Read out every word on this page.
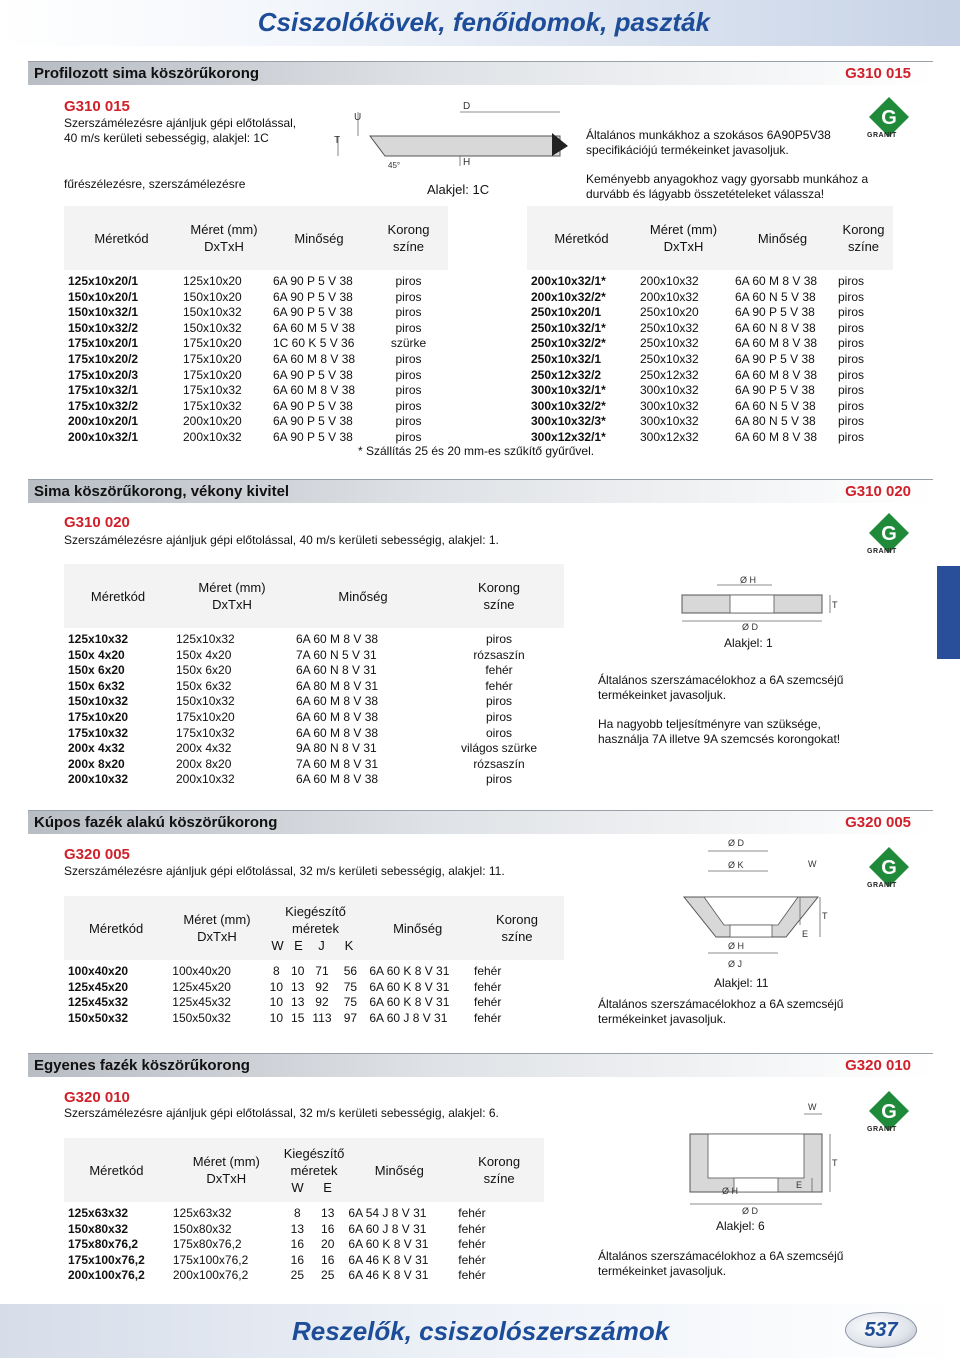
Csiszolókövek, fenőidomok, paszták
Profilozott sima köszörűkorong	G310 015
G310 015
Szerszámélezésre ajánljuk gépi előtolással,
40 m/s kerületi sebességig, alakjel: 1C
fűrészélezésre, szerszámélezésre
T
U
D
H
45°
Alakjel: 1C
Általános munkákhoz a szokásos 6A90P5V38
specifikációjú termékeinket javasoljuk.
Keményebb anyagokhoz vagy gyorsabb munkához a
durvább és lágyabb összetételeket válassza!
G
GRANIT
Méretkód	Méret (mm)
DxTxH	Minőség	Korong
színe
125x10x20/1	125x10x20	6A 90 P 5 V 38	piros
150x10x20/1	150x10x20	6A 90 P 5 V 38	piros
150x10x32/1	150x10x32	6A 90 P 5 V 38	piros
150x10x32/2	150x10x32	6A 60 M 5 V 38	piros
175x10x20/1	175x10x20	1C 60 K 5 V 36	szürke
175x10x20/2	175x10x20	6A 60 M 8 V 38	piros
175x10x20/3	175x10x20	6A 90 P 5 V 38	piros
175x10x32/1	175x10x32	6A 60 M 8 V 38	piros
175x10x32/2	175x10x32	6A 90 P 5 V 38	piros
200x10x20/1	200x10x20	6A 90 P 5 V 38	piros
200x10x32/1	200x10x32	6A 90 P 5 V 38	piros
Méretkód	Méret (mm)
DxTxH	Minőség	Korong
színe
200x10x32/1*	200x10x32	6A 60 M 8 V 38	piros
200x10x32/2*	200x10x32	6A 60 N 5 V 38	piros
250x10x20/1	250x10x20	6A 90 P 5 V 38	piros
250x10x32/1*	250x10x32	6A 60 N 8 V 38	piros
250x10x32/2*	250x10x32	6A 60 M 8 V 38	piros
250x10x32/1	250x10x32	6A 90 P 5 V 38	piros
250x12x32/2	250x12x32	6A 60 M 8 V 38	piros
300x10x32/1*	300x10x32	6A 90 P 5 V 38	piros
300x10x32/2*	300x10x32	6A 60 N 5 V 38	piros
300x10x32/3*	300x10x32	6A 80 N 5 V 38	piros
300x12x32/1*	300x12x32	6A 60 M 8 V 38	piros
* Szállítás 25 és 20 mm-es szűkítő gyűrűvel.
Sima köszörűkorong, vékony kivitel	G310 020
G310 020
Szerszámélezésre ajánljuk gépi előtolással, 40 m/s kerületi sebességig, alakjel: 1.	G
GRANIT
Méretkód	Méret (mm)
DxTxH	Minőség	Korong
színe
125x10x32	125x10x32	6A 60 M 8 V 38	piros
150x 4x20	150x 4x20	7A 60 N 5 V 31	rózsaszín
150x 6x20	150x 6x20	6A 60 N 8 V 31	fehér
150x 6x32	150x 6x32	6A 80 M 8 V 31	fehér
150x10x32	150x10x32	6A 60 M 8 V 38	piros
175x10x20	175x10x20	6A 60 M 8 V 38	piros
175x10x32	175x10x32	6A 60 M 8 V 38	oiros
200x 4x32	200x 4x32	9A 80 N 8 V 31	világos szürke
200x 8x20	200x 8x20	7A 60 M 8 V 31	rózsaszín
200x10x32	200x10x32	6A 60 M 8 V 38	piros
Ø H
Ø D
T
Alakjel: 1
Általános szerszámacélokhoz a 6A szemcséjű
termékeinket javasoljuk.
Ha nagyobb teljesítményre van szüksége,
használja 7A illetve 9A szemcsés korongokat!
Kúpos fazék alakú köszörűkorong	G320 005
G320 005
Szerszámélezésre ajánljuk gépi előtolással, 32 m/s kerületi sebességig, alakjel: 11.	G
GRANIT
Méretkód	Méret (mm)
DxTxH	Kiegészítő
méretek
W E J K				Minőség	Korong
színe
100x40x20	100x40x20	8	10	71	56	6A 60 K 8 V 31	fehér
125x45x20	125x45x20	10	13	92	75	6A 60 K 8 V 31	fehér
125x45x32	125x45x32	10	13	92	75	6A 60 K 8 V 31	fehér
150x50x32	150x50x32	10	15	113	97	6A 60 J 8 V 31	fehér
Ø D
Ø K	W
T
E
Ø H
Ø J
Alakjel: 11
Általános szerszámacélokhoz a 6A szemcséjű
termékeinket javasoljuk.
Egyenes fazék köszörűkorong	G320 010
G320 010
Szerszámélezésre ajánljuk gépi előtolással, 32 m/s kerületi sebességig, alakjel: 6.	G
GRANIT
Méretkód	Méret (mm)
DxTxH	Kiegészítő
méretek
W E		Minőség	Korong
színe
125x63x32	125x63x32	8	13	6A 54 J 8 V 31	fehér
150x80x32	150x80x32	13	16	6A 60 J 8 V 31	fehér
175x80x76,2	175x80x76,2	16	20	6A 60 K 8 V 31	fehér
175x100x76,2	175x100x76,2	16	16	6A 46 K 8 V 31	fehér
200x100x76,2	200x100x76,2	25	25	6A 46 K 8 V 31	fehér
W
T
E
Ø H
Ø D
Alakjel: 6
Általános szerszámacélokhoz a 6A szemcséjű
termékeinket javasoljuk.
Reszelők, csiszolószerszámok	537
